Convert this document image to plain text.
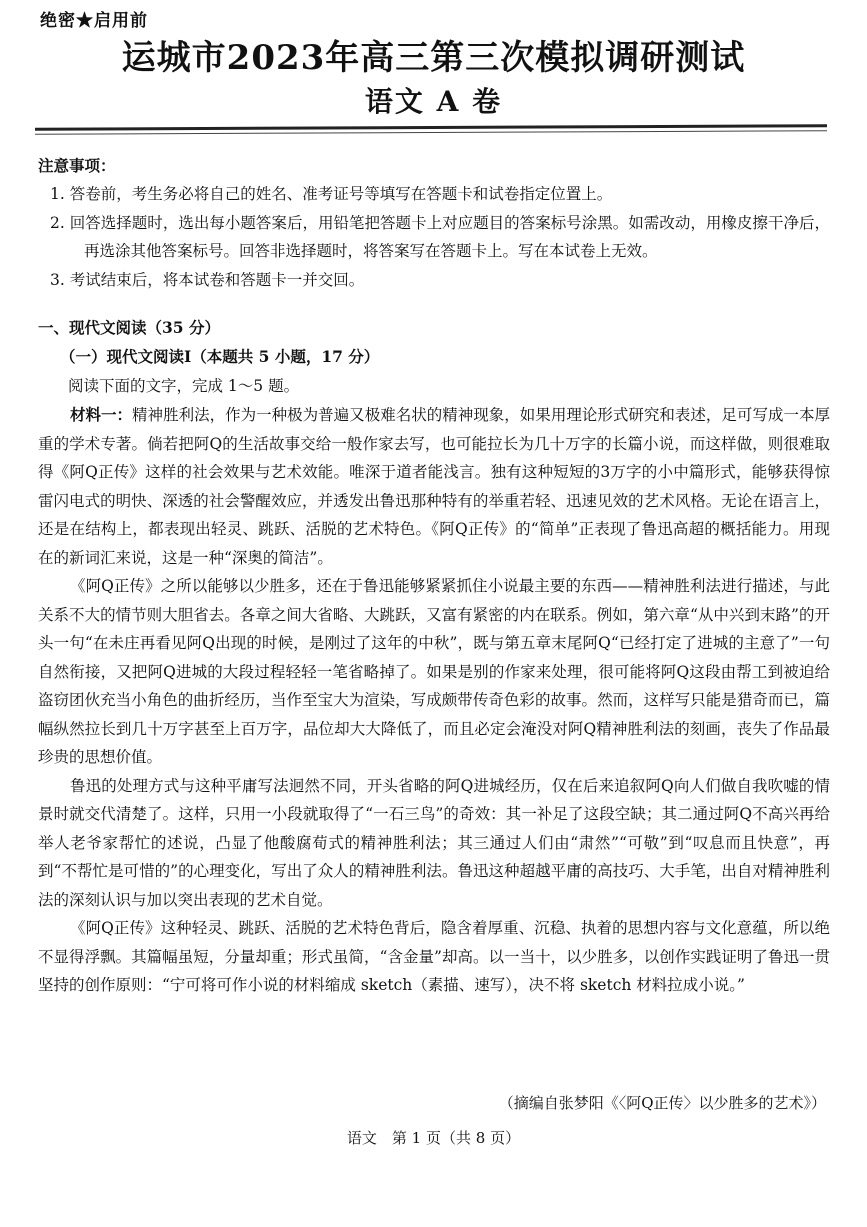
绝密★启用前
运城市2023年高三第三次模拟调研测试
语文 A 卷
注意事项：
1. 答卷前，考生务必将自己的姓名、准考证号等填写在答题卡和试卷指定位置上。
2. 回答选择题时，选出每小题答案后，用铅笔把答题卡上对应题目的答案标号涂黑。如需改动，用橡皮擦干净后，再选涂其他答案标号。回答非选择题时，将答案写在答题卡上。写在本试卷上无效。
3. 考试结束后，将本试卷和答题卡一并交回。
一、现代文阅读（35 分）
（一）现代文阅读Ⅰ（本题共 5 小题，17 分）
阅读下面的文字，完成 1～5 题。

材料一：精神胜利法，作为一种极为普遍又极难名状的精神现象，如果用理论形式研究和表述，足可写成一本厚重的学术专著。倘若把阿Q的生活故事交给一般作家去写，也可能拉长为几十万字的长篇小说，而这样做，则很难取得《阿Q正传》这样的社会效果与艺术效能。唯深于道者能浅言。独有这种短短的3万字的小中篇形式，能够获得惊雷闪电式的明快、深透的社会警醒效应，并透发出鲁迅那种特有的举重若轻、迅速见效的艺术风格。无论在语言上，还是在结构上，都表现出轻灵、跳跃、活脱的艺术特色。《阿Q正传》的“简单”正表现了鲁迅高超的概括能力。用现在的新词汇来说，这是一种“深奥的简洁”。

《阿Q正传》之所以能够以少胜多，还在于鲁迅能够紧紧抓住小说最主要的东西——精神胜利法进行描述，与此关系不大的情节则大胆省去。各章之间大省略、大跳跃，又富有紧密的内在联系。例如，第六章“从中兴到末路”的开头一句“在未庄再看见阿Q出现的时候，是刚过了这年的中秋”，既与第五章末尾阿Q“已经打定了进城的主意了”一句自然衔接，又把阿Q进城的大段过程轻轻一笔省略掉了。如果是别的作家来处理，很可能将阿Q这段由帮工到被迫给盗窃团伙充当小角色的曲折经历，当作至宝大为渲染，写成颇带传奇色彩的故事。然而，这样写只能是猎奇而已，篇幅纵然拉长到几十万字甚至上百万字，品位却大大降低了，而且必定会淹没对阿Q精神胜利法的刻画，丧失了作品最珍贵的思想价值。

鲁迅的处理方式与这种平庸写法迥然不同，开头省略的阿Q进城经历，仅在后来追叙阿Q向人们做自我吹嘘的情景时就交代清楚了。这样，只用一小段就取得了“一石三鸟”的奇效：其一补足了这段空缺；其二通过阿Q不高兴再给举人老爷家帮忙的述说，凸显了他酸腐荀式的精神胜利法；其三通过人们由“肃然”“可敬”到“叹息而且快意”，再到“不帮忙是可惜的”的心理变化，写出了众人的精神胜利法。鲁迅这种超越平庸的高技巧、大手笔，出自对精神胜利法的深刻认识与加以突出表现的艺术自觉。

《阿Q正传》这种轻灵、跳跃、活脱的艺术特色背后，隐含着厚重、沉稳、执着的思想内容与文化意蕴，所以绝不显得浮飘。其篇幅虽短，分量却重；形式虽简，“含金量”却高。以一当十，以少胜多，以创作实践证明了鲁迅一贯坚持的创作原则：“宁可将可作小说的材料缩成 sketch（素描、速写），决不将 sketch 材料拉成小说。”

（摘编自张梦阳《〈阿Q正传〉以少胜多的艺术》）
语文　第 1 页（共 8 页）
